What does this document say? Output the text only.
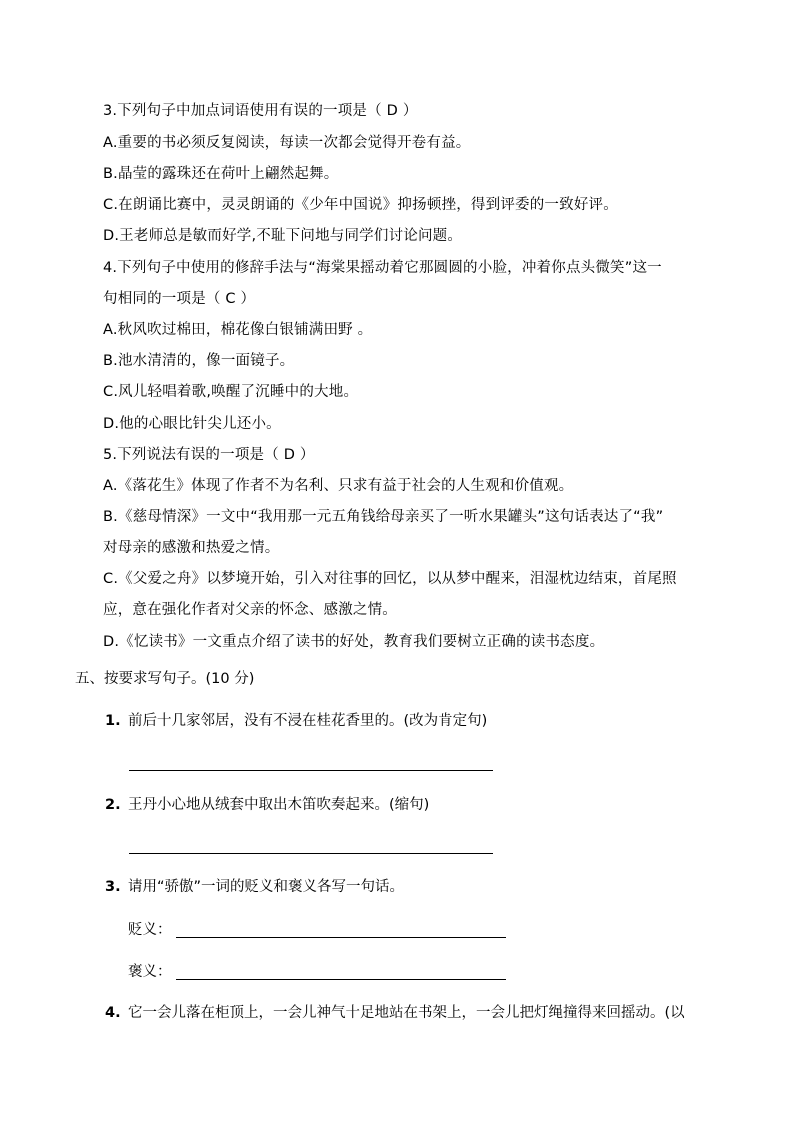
3.下列句子中加点词语使用有误的一项是（ D ）
A.重要的书必须反复阅读，每读一次都会觉得开卷有益。
B.晶莹的露珠还在荷叶上翩然起舞。
C.在朗诵比赛中，灵灵朗诵的《少年中国说》抑扬顿挫，得到评委的一致好评。
D.王老师总是敏而好学,不耻下问地与同学们讨论问题。
4.下列句子中使用的修辞手法与“海棠果摇动着它那圆圆的小脸，冲着你点头微笑”这一
句相同的一项是（ C ）
A.秋风吹过棉田，棉花像白银铺满田野 。
B.池水清清的，像一面镜子。
C.风儿轻唱着歌,唤醒了沉睡中的大地。
D.他的心眼比针尖儿还小。
5.下列说法有误的一项是（ D ）
A.《落花生》体现了作者不为名利、只求有益于社会的人生观和价值观。
B.《慈母情深》一文中“我用那一元五角钱给母亲买了一听水果罐头”这句话表达了“我”
对母亲的感激和热爱之情。
C.《父爱之舟》以梦境开始，引入对往事的回忆，以从梦中醒来，泪湿枕边结束，首尾照
应，意在强化作者对父亲的怀念、感激之情。
D.《忆读书》一文重点介绍了读书的好处，教育我们要树立正确的读书态度。
五、按要求写句子。(10 分)
1. 前后十几家邻居，没有不浸在桂花香里的。(改为肯定句)
2. 王丹小心地从绒套中取出木笛吹奏起来。(缩句)
3. 请用“骄傲”一词的贬义和褒义各写一句话。
贬义：
褒义：
4. 它一会儿落在柜顶上，一会儿神气十足地站在书架上，一会儿把灯绳撞得来回摇动。(以
